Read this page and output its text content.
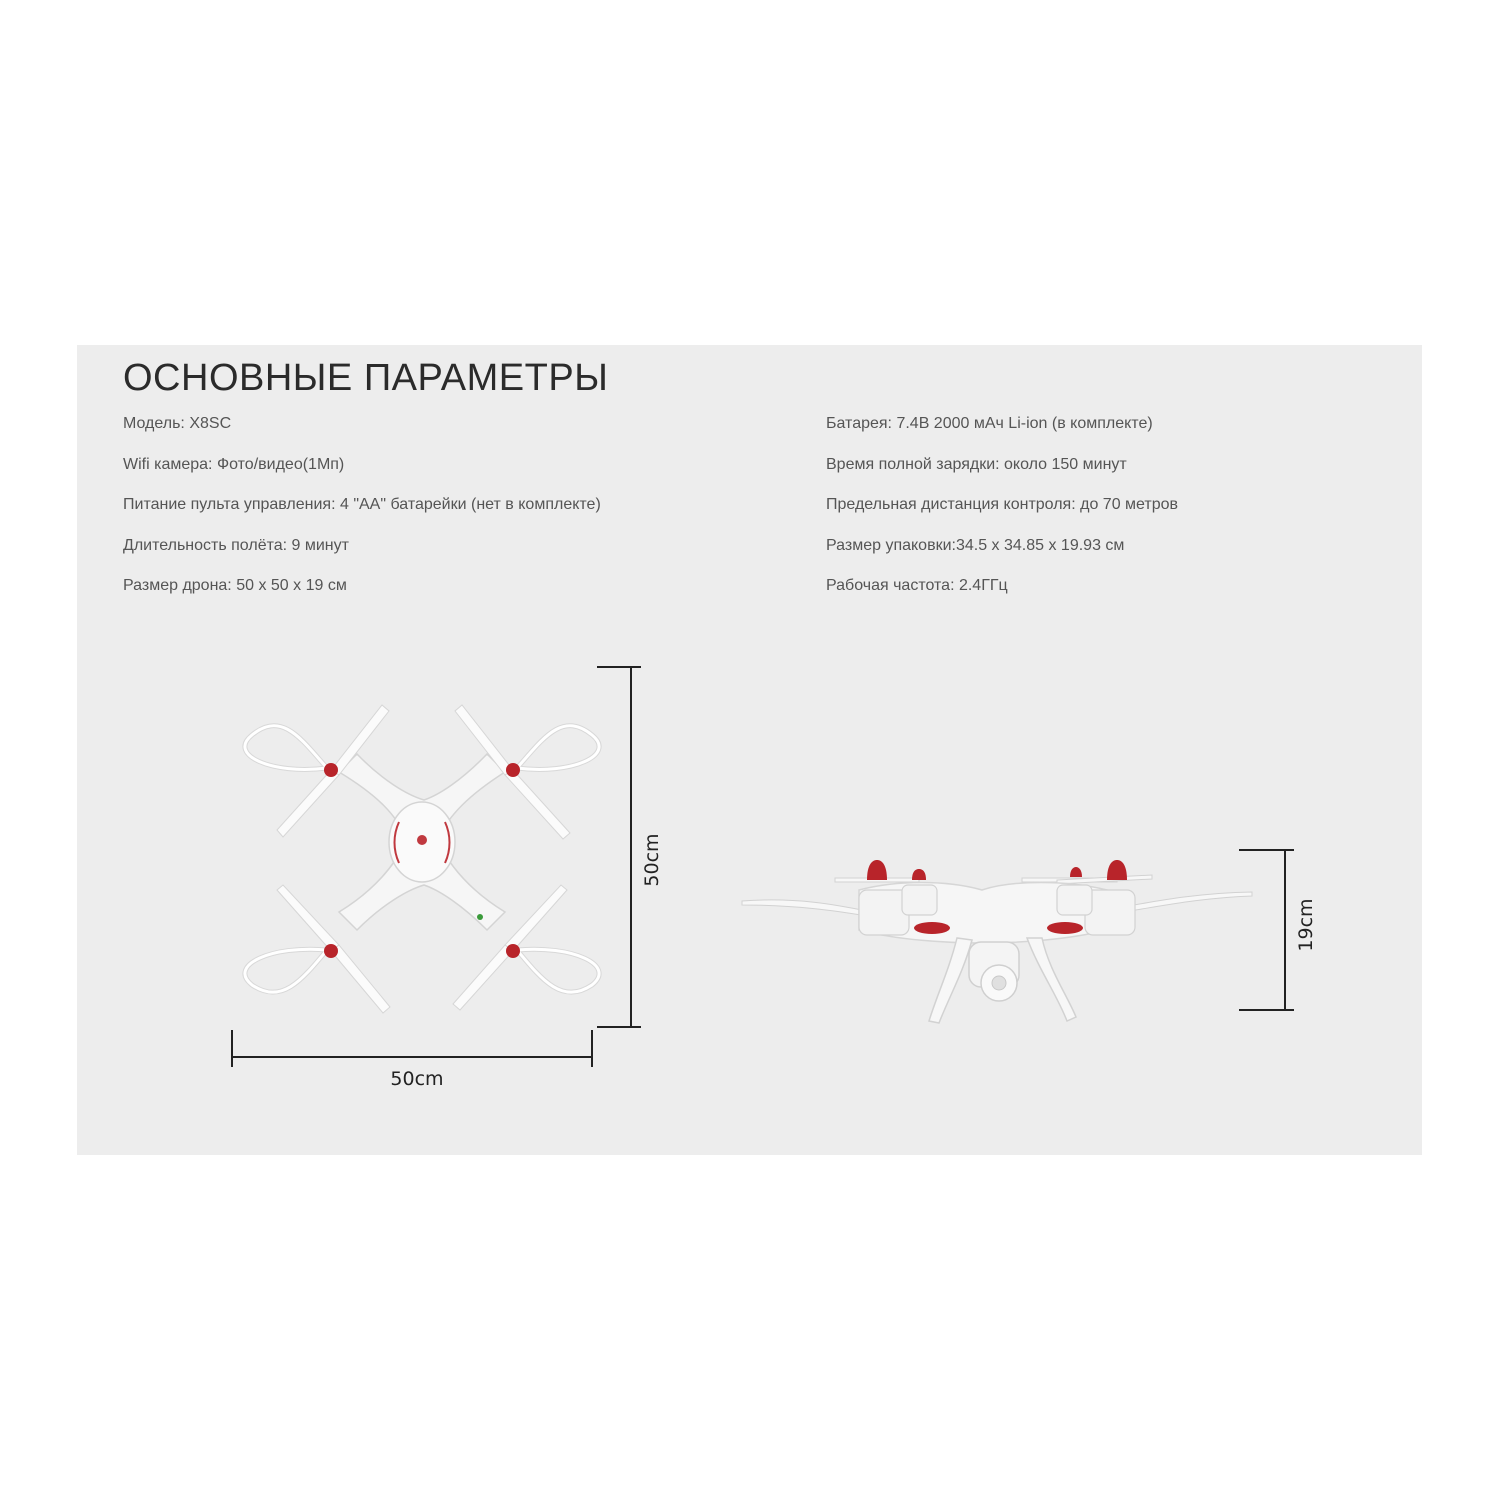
ОСНОВНЫЕ ПАРАМЕТРЫ

Модель: X8SC

Wifi камера: Фото/видео(1Мп)

Питание пульта управления: 4 "АА" батарейки (нет в комплекте)

Длительность полёта: 9 минут

Размер дрона: 50 х 50 х 19 см

Батарея: 7.4В 2000 мАч Li-ion (в комплекте)

Время полной зарядки: около 150 минут

Предельная дистанция контроля: до 70 метров

Размер упаковки:34.5 х 34.85 х 19.93 см

Рабочая частота: 2.4ГГц

50cm
50cm
19cm
